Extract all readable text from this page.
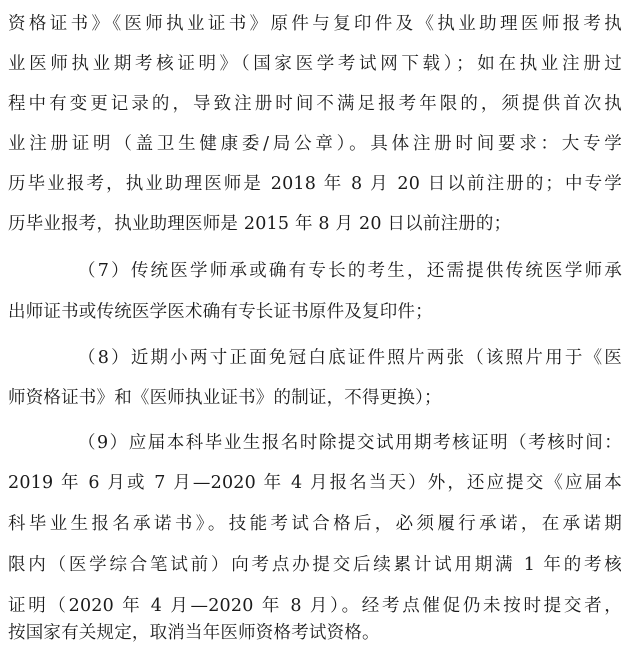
资格证书》《医师执业证书》原件与复印件及《执业助理医师报考执
业医师执业期考核证明》（国家医学考试网下载）；如在执业注册过
程中有变更记录的，导致注册时间不满足报考年限的，须提供首次执
业注册证明（盖卫生健康委/局公章）。具体注册时间要求：大专学
历毕业报考，执业助理医师是 2018 年 8 月 20 日以前注册的；中专学
历毕业报考，执业助理医师是 2015 年 8 月 20 日以前注册的；
（7）传统医学师承或确有专长的考生，还需提供传统医学师承
出师证书或传统医学医术确有专长证书原件及复印件；
（8）近期小两寸正面免冠白底证件照片两张（该照片用于《医
师资格证书》和《医师执业证书》的制证，不得更换）；
（9）应届本科毕业生报名时除提交试用期考核证明（考核时间：
2019 年 6 月或 7 月—2020 年 4 月报名当天）外，还应提交《应届本
科毕业生报名承诺书》。技能考试合格后，必须履行承诺，在承诺期
限内（医学综合笔试前）向考点办提交后续累计试用期满 1 年的考核
证明（2020 年 4 月—2020 年 8 月）。经考点催促仍未按时提交者，
按国家有关规定，取消当年医师资格考试资格。
